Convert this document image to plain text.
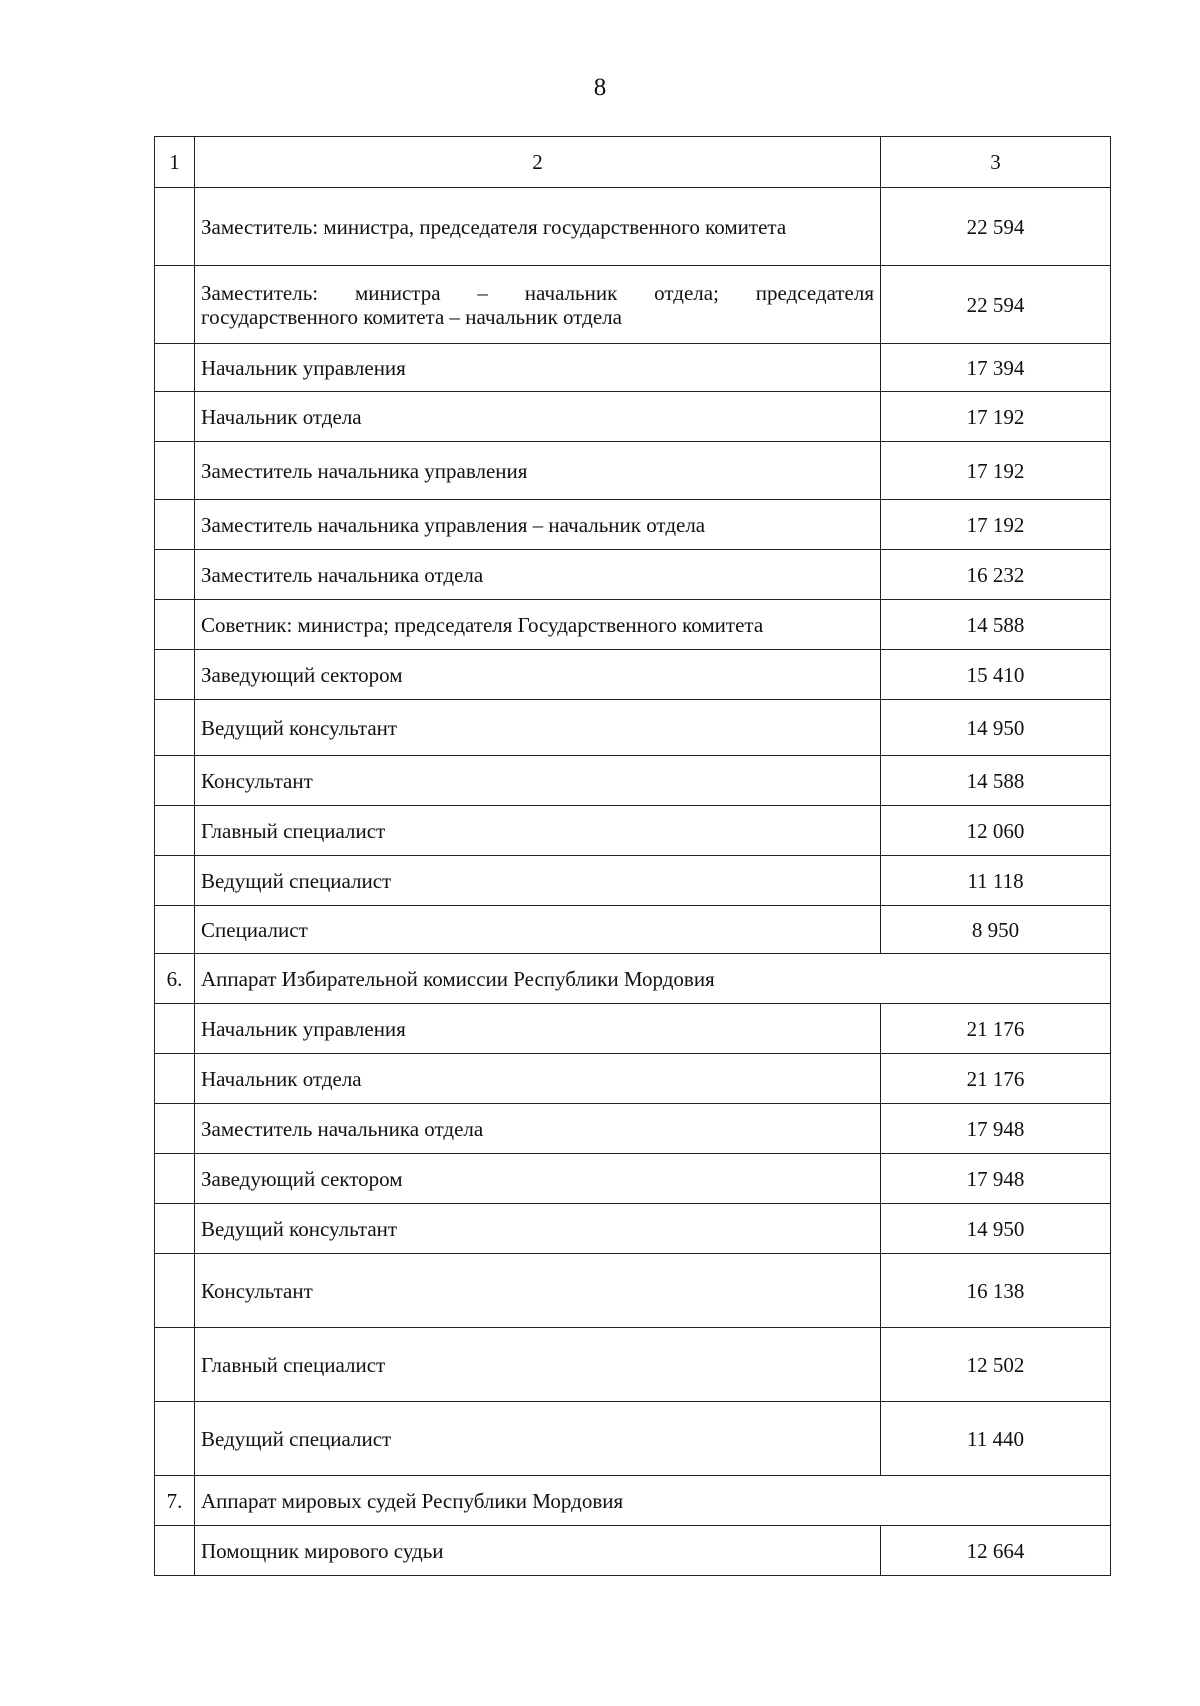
8
1	2	3
	Заместитель: министра, председателя государственного комитета	22 594
	Заместитель: министра – начальник отдела; председателя государственного комитета – начальник отдела	22 594
	Начальник управления	17 394
	Начальник отдела	17 192
	Заместитель начальника управления	17 192
	Заместитель начальника управления – начальник отдела	17 192
	Заместитель начальника отдела	16 232
	Советник: министра; председателя Государственного комитета	14 588
	Заведующий сектором	15 410
	Ведущий консультант	14 950
	Консультант	14 588
	Главный специалист	12 060
	Ведущий специалист	11 118
	Специалист	8 950
6.	Аппарат Избирательной комиссии Республики Мордовия	
	Начальник управления	21 176
	Начальник отдела	21 176
	Заместитель начальника отдела	17 948
	Заведующий сектором	17 948
	Ведущий консультант	14 950
	Консультант	16 138
	Главный специалист	12 502
	Ведущий специалист	11 440
7.	Аппарат мировых судей Республики Мордовия	
	Помощник мирового судьи	12 664
